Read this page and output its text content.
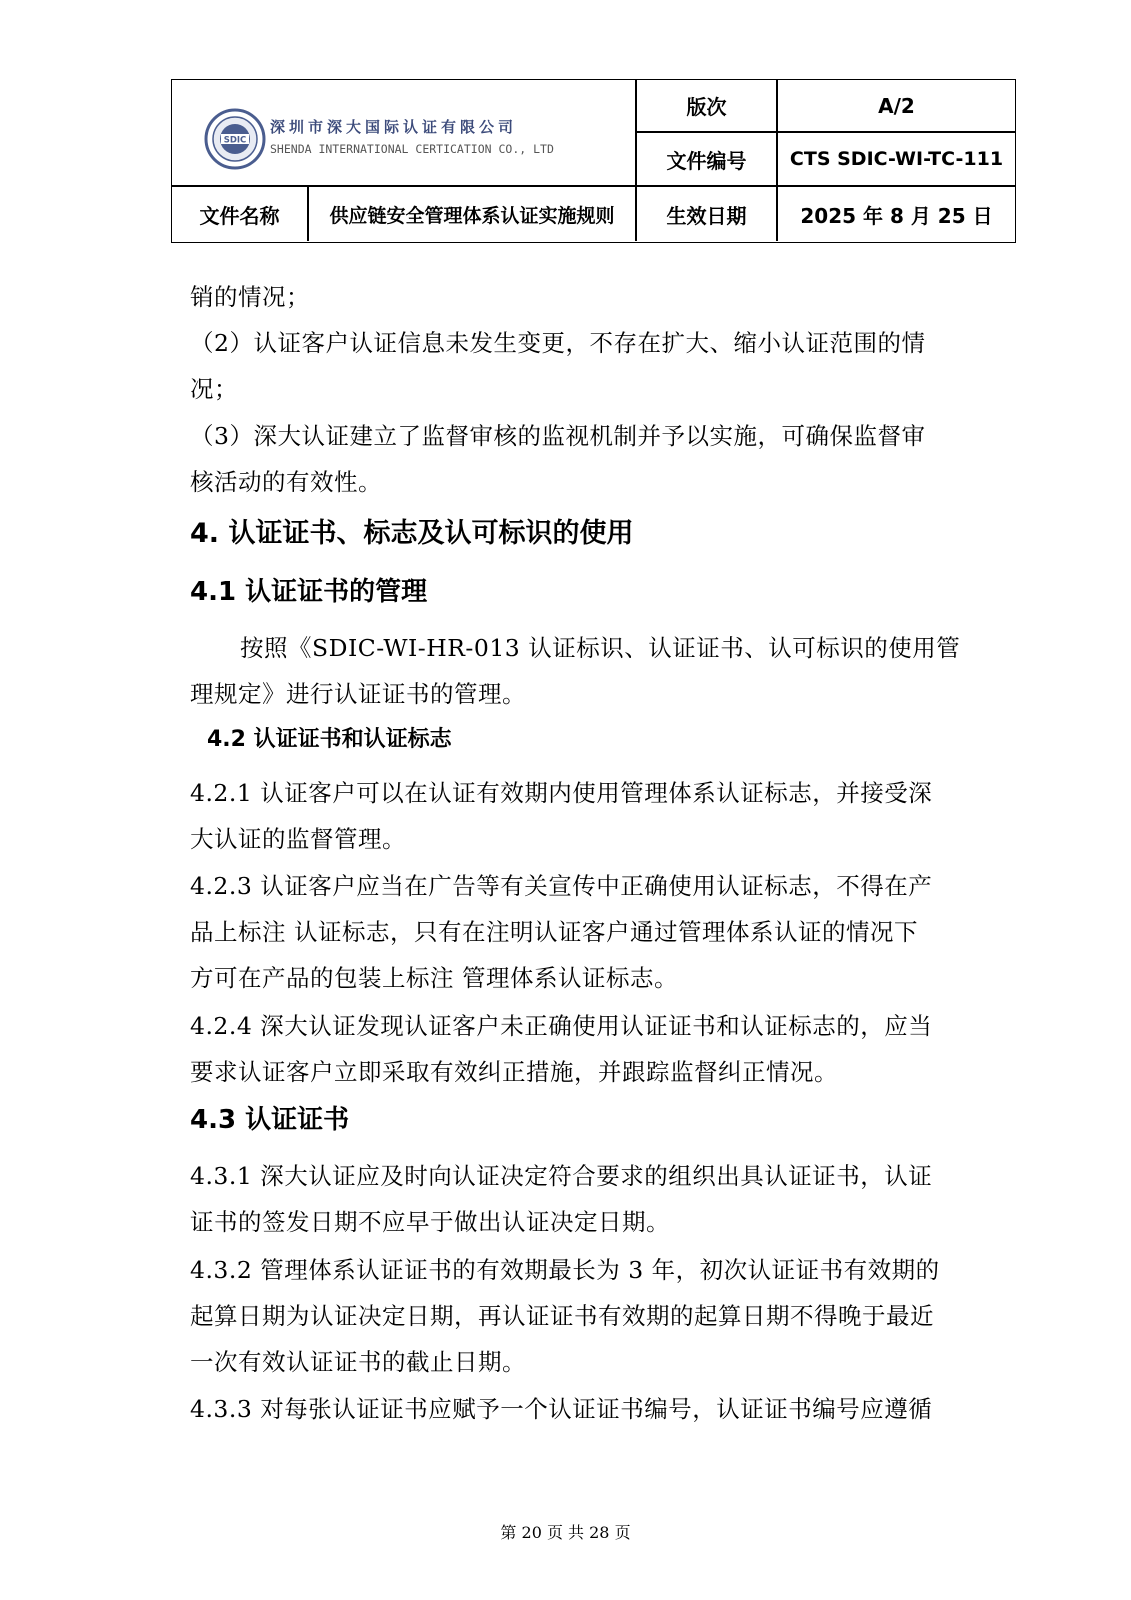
SDIC
深圳市深大国际认证有限公司
SHENDA INTERNATIONAL CERTICATION CO., LTD
版次	A/2
文件编号	CTS SDIC-WI-TC-111
文件名称	供应链安全管理体系认证实施规则	生效日期	2025 年 8 月 25 日
销的情况；
（2）认证客户认证信息未发生变更，不存在扩大、缩小认证范围的情
况；
（3）深大认证建立了监督审核的监视机制并予以实施，可确保监督审
核活动的有效性。
4. 认证证书、标志及认可标识的使用
4.1 认证证书的管理
按照《SDIC-WI-HR-013 认证标识、认证证书、认可标识的使用管
理规定》进行认证证书的管理。
4.2 认证证书和认证标志
4.2.1 认证客户可以在认证有效期内使用管理体系认证标志，并接受深
大认证的监督管理。
4.2.3 认证客户应当在广告等有关宣传中正确使用认证标志，不得在产
品上标注 认证标志，只有在注明认证客户通过管理体系认证的情况下
方可在产品的包装上标注 管理体系认证标志。
4.2.4 深大认证发现认证客户未正确使用认证证书和认证标志的，应当
要求认证客户立即采取有效纠正措施，并跟踪监督纠正情况。
4.3 认证证书
4.3.1 深大认证应及时向认证决定符合要求的组织出具认证证书，认证
证书的签发日期不应早于做出认证决定日期。
4.3.2 管理体系认证证书的有效期最长为 3 年，初次认证证书有效期的
起算日期为认证决定日期，再认证证书有效期的起算日期不得晚于最近
一次有效认证证书的截止日期。
4.3.3 对每张认证证书应赋予一个认证证书编号，认证证书编号应遵循
第 20 页 共 28 页
